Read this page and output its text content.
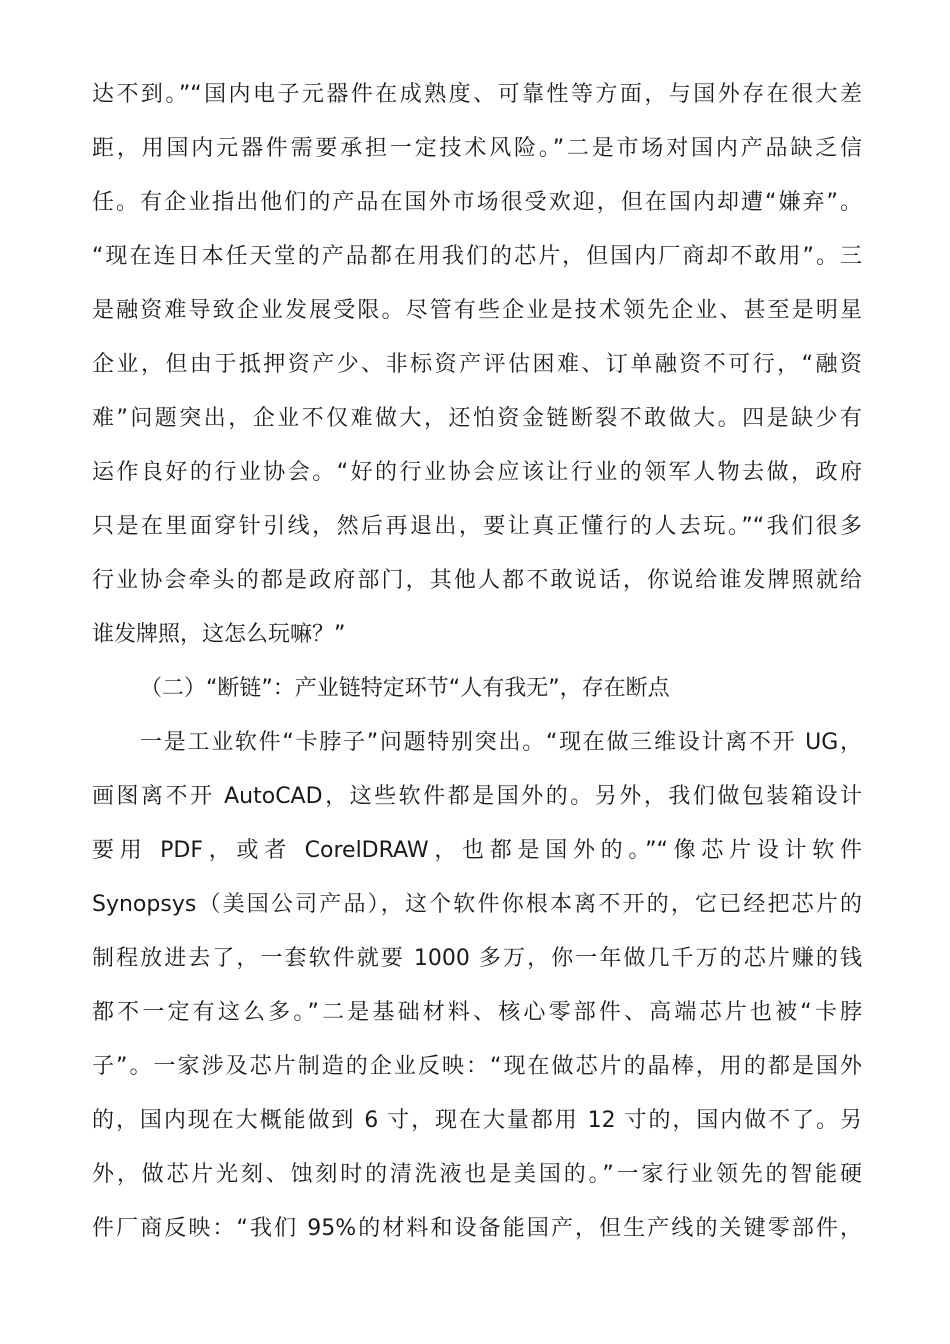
达不到。”“国内电子元器件在成熟度、可靠性等方面，与国外存在很大差

距，用国内元器件需要承担一定技术风险。”二是市场对国内产品缺乏信

任。有企业指出他们的产品在国外市场很受欢迎，但在国内却遭“嫌弃”。

“现在连日本任天堂的产品都在用我们的芯片，但国内厂商却不敢用”。三

是融资难导致企业发展受限。尽管有些企业是技术领先企业、甚至是明星

企业，但由于抵押资产少、非标资产评估困难、订单融资不可行，“融资

难”问题突出，企业不仅难做大，还怕资金链断裂不敢做大。四是缺少有

运作良好的行业协会。“好的行业协会应该让行业的领军人物去做，政府

只是在里面穿针引线，然后再退出，要让真正懂行的人去玩。”“我们很多

行业协会牵头的都是政府部门，其他人都不敢说话，你说给谁发牌照就给

谁发牌照，这怎么玩嘛？”

（二）“断链”：产业链特定环节“人有我无”，存在断点

一是工业软件“卡脖子”问题特别突出。“现在做三维设计离不开 UG，

画图离不开 AutoCAD，这些软件都是国外的。另外，我们做包装箱设计

要用 PDF，或者 CorelDRAW，也都是国外的。”“像芯片设计软件

Synopsys（美国公司产品），这个软件你根本离不开的，它已经把芯片的

制程放进去了，一套软件就要 1000 多万，你一年做几千万的芯片赚的钱

都不一定有这么多。”二是基础材料、核心零部件、高端芯片也被“卡脖

子”。一家涉及芯片制造的企业反映：“现在做芯片的晶棒，用的都是国外

的，国内现在大概能做到 6 寸，现在大量都用 12 寸的，国内做不了。另

外，做芯片光刻、蚀刻时的清洗液也是美国的。”一家行业领先的智能硬

件厂商反映：“我们 95%的材料和设备能国产，但生产线的关键零部件，
